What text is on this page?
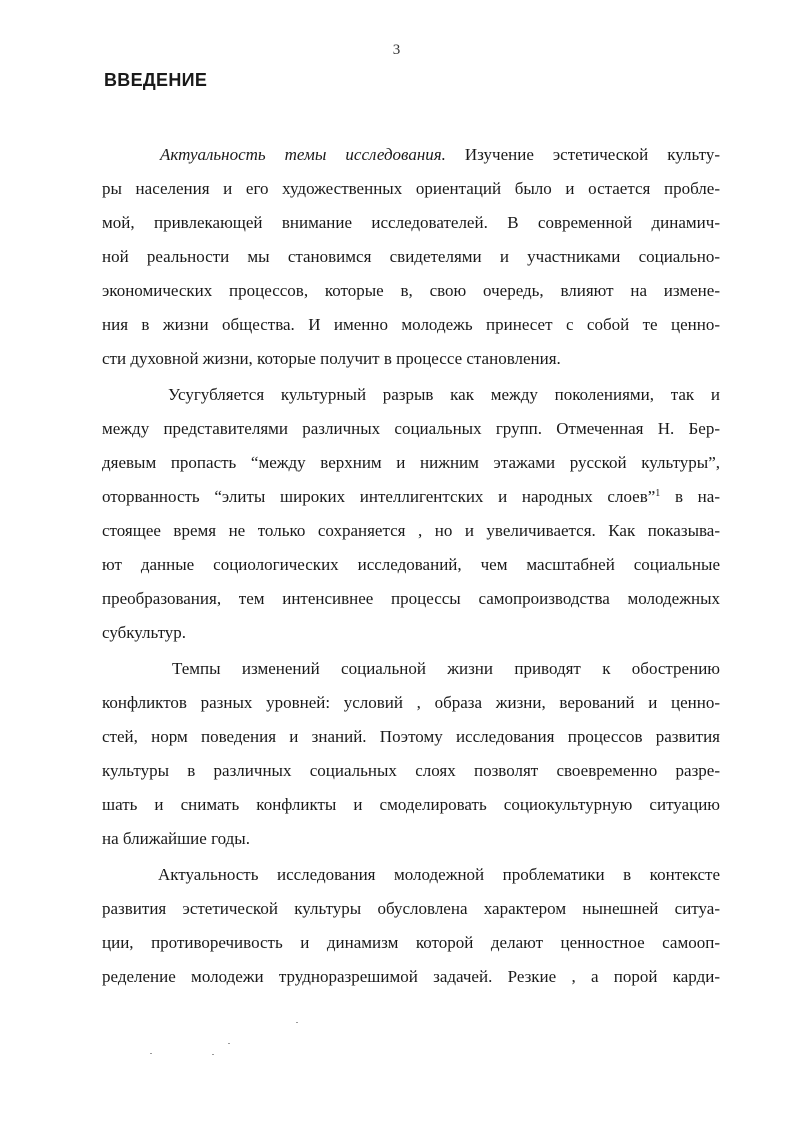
3
ВВЕДЕНИЕ
Актуальность темы исследования. Изучение эстетической культу-
ры населения и его художественных ориентаций было и остается пробле-
мой, привлекающей внимание исследователей. В современной динамич-
ной реальности мы становимся свидетелями и участниками социально-
экономических процессов, которые в, свою очередь, влияют на измене-
ния в жизни общества. И именно молодежь принесет с собой те ценно-
сти духовной жизни, которые получит в процессе становления.
Усугубляется культурный разрыв как между поколениями, так и
между представителями различных социальных групп. Отмеченная Н. Бер-
дяевым пропасть “между верхним и нижним этажами русской культуры”,
оторванность “элиты широких интеллигентских и народных слоев”$^1$ в на-
стоящее время не только сохраняется , но и увеличивается. Как показыва-
ют данные социологических исследований, чем масштабней социальные
преобразования, тем интенсивнее процессы самопроизводства молодежных
субкультур.
Темпы изменений социальной жизни приводят к обострению
конфликтов разных уровней: условий , образа жизни, верований и ценно-
стей, норм поведения и знаний. Поэтому исследования процессов развития
культуры в различных социальных слоях позволят своевременно разре-
шать и снимать конфликты и смоделировать социокультурную ситуацию
на ближайшие годы.
Актуальность исследования молодежной проблематики в контексте
развития эстетической культуры обусловлена характером нынешней ситуа-
ции, противоречивость и динамизм которой делают ценностное самооп-
ределение молодежи трудноразрешимой задачей. Резкие , а порой карди-
